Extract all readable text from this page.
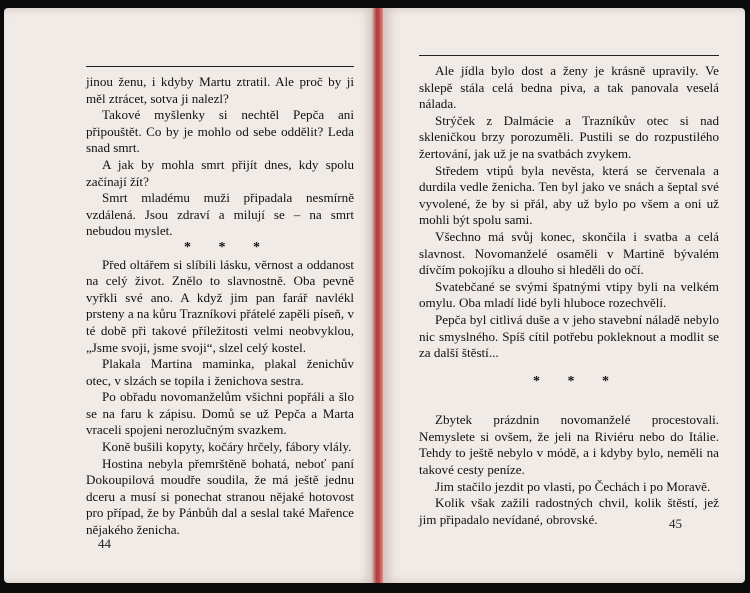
jinou ženu, i kdyby Martu ztratil. Ale proč by ji měl ztrácet, sotva ji nalezl?

Takové myšlenky si nechtěl Pepča ani připouštět. Co by je mohlo od sebe oddělit? Leda snad smrt.

A jak by mohla smrt přijít dnes, kdy spolu začínají žít?

Smrt mladému muži připadala nesmírně vzdálená. Jsou zdraví a milují se – na smrt nebudou myslet.

* * *

Před oltářem si slíbili lásku, věrnost a oddanost na celý život. Znělo to slavnostně. Oba pevně vyřkli své ano. A když jim pan farář navlékl prsteny a na kůru Trazníkovi přátelé zapěli píseň, v té době při takové příležitosti velmi neobvyklou, „Jsme svoji, jsme svoji“, slzel celý kostel.

Plakala Martina maminka, plakal ženichův otec, v slzách se topila i ženichova sestra.

Po obřadu novomanželům všichni popřáli a šlo se na faru k zápisu. Domů se už Pepča a Marta vraceli spojeni nerozlučným svazkem.

Koně bušili kopyty, kočáry hrčely, fábory vlály.

Hostina nebyla přemrštěně bohatá, neboť paní Dokoupilová moudře soudila, že má ještě jednu dceru a musí si ponechat stranou nějaké hotovost pro případ, že by Pánbůh dal a seslal také Mařence nějakého ženicha.

44

Ale jídla bylo dost a ženy je krásně upravily. Ve sklepě stála celá bedna piva, a tak panovala veselá nálada.

Strýček z Dalmácie a Trazníkův otec si nad skleničkou brzy porozuměli. Pustili se do rozpustilého žertování, jak už je na svatbách zvykem.

Středem vtipů byla nevěsta, která se červenala a durdila vedle ženicha. Ten byl jako ve snách a šeptal své vyvolené, že by si přál, aby už bylo po všem a oni už mohli být spolu sami.

Všechno má svůj konec, skončila i svatba a celá slavnost. Novomanželé osaměli v Martině bývalém dívčím pokojíku a dlouho si hleděli do očí.

Svatebčané se svými špatnými vtipy byli na velkém omylu. Oba mladí lidé byli hluboce rozechvělí.

Pepča byl citlivá duše a v jeho stavební náladě nebylo nic smyslného. Spíš cítil potřebu pokleknout a modlit se za další štěstí...

* * *

Zbytek prázdnin novomanželé procestovali. Nemyslete si ovšem, že jeli na Riviéru nebo do Itálie. Tehdy to ještě nebylo v módě, a i kdyby bylo, neměli na takové cesty peníze.

Jim stačilo jezdit po vlasti, po Čechách i po Moravě.

Kolik však zažili radostných chvil, kolik štěstí, jež jim připadalo nevídané, obrovské.	45
